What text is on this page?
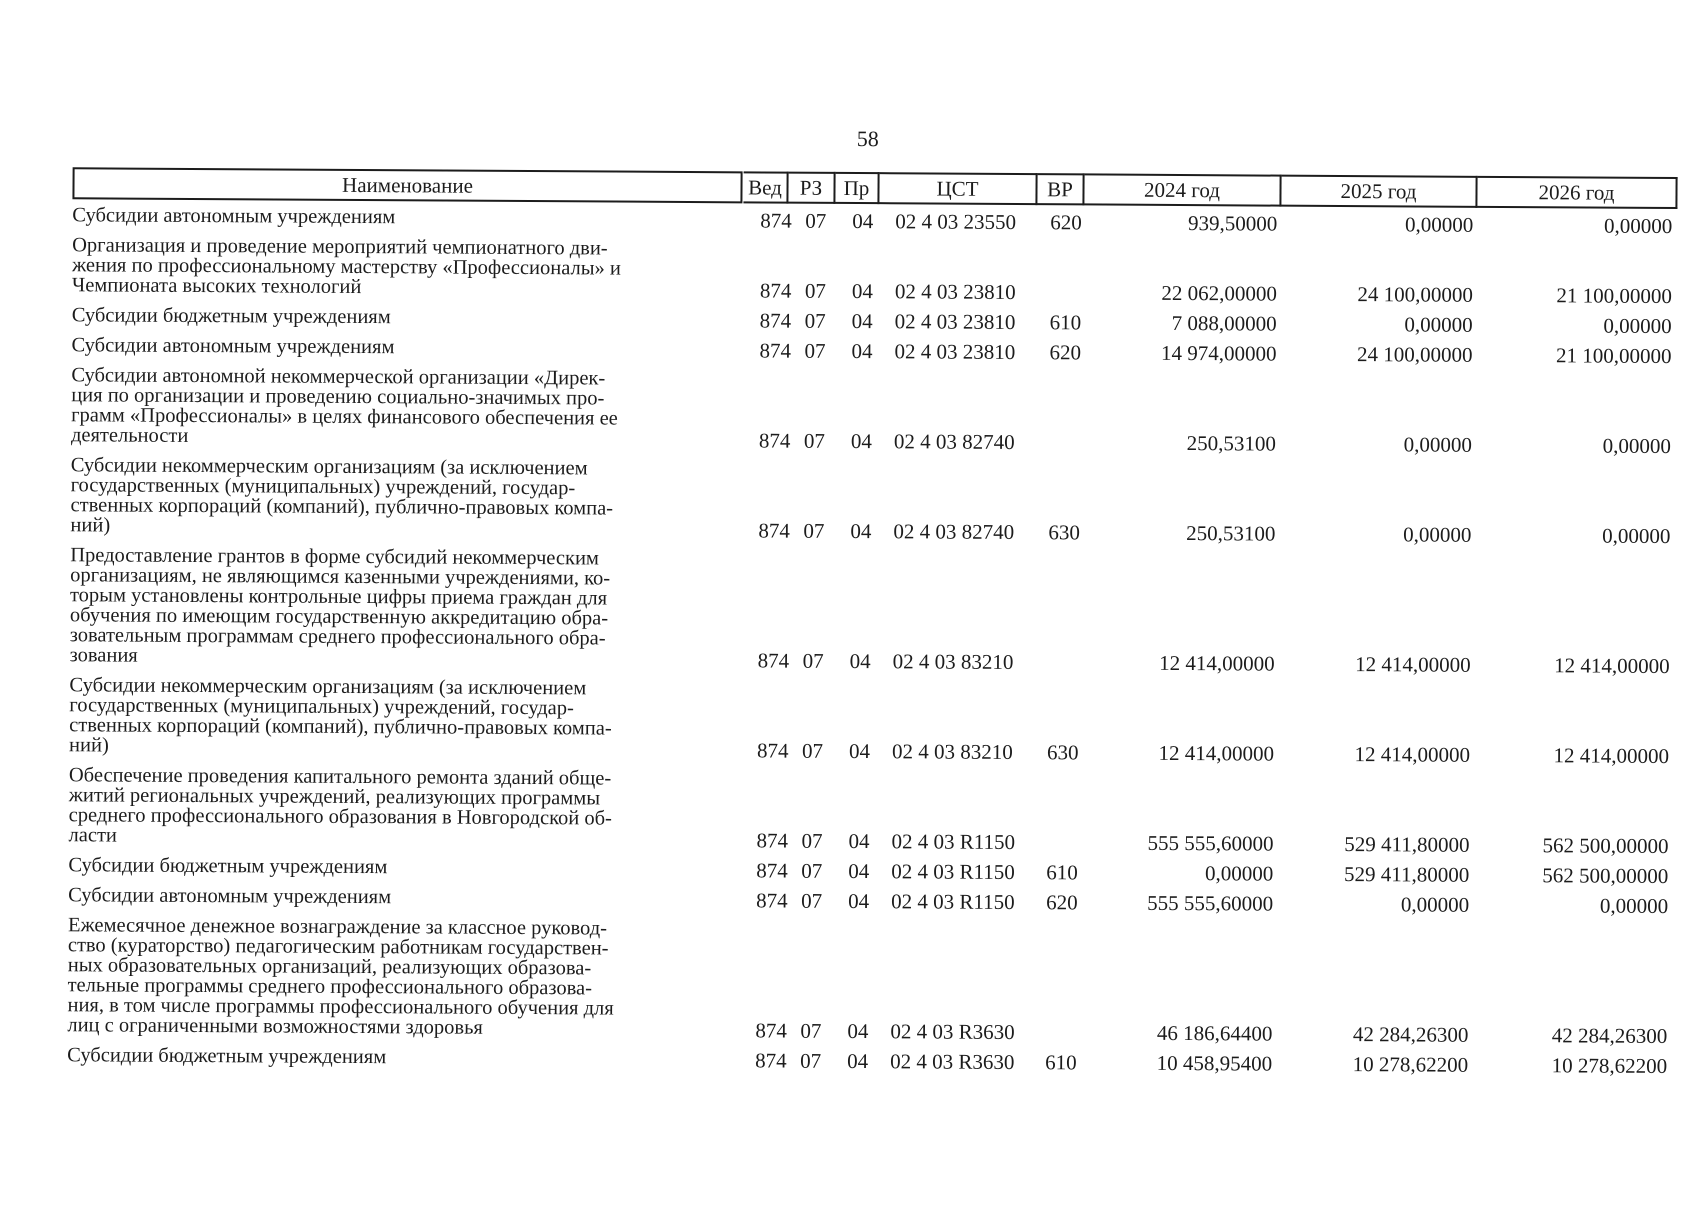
58
Наименование	Вед РЗ	Пр	ЦСТ	ВР	2024 год	2025 год	2026 год
Субсидии автономным учреждениям	874 07 04 02 4 03 23550 620	939,50000	0,00000	0,00000
Организация и проведение мероприятий чемпионатного дви-
жения по профессиональному мастерству «Профессионалы» и
Чемпионата высоких технологий	874 07 04 02 4 03 23810	22 062,00000	24 100,00000	21 100,00000
Субсидии бюджетным учреждениям	874 07 04 02 4 03 23810 610	7 088,00000	0,00000	0,00000
Субсидии автономным учреждениям	874 07 04 02 4 03 23810 620	14 974,00000	24 100,00000	21 100,00000
Субсидии автономной некоммерческой организации «Дирек-
ция по организации и проведению социально-значимых про-
грамм «Профессионалы» в целях финансового обеспечения ее
деятельности	874 07 04 02 4 03 82740	250,53100	0,00000	0,00000
Субсидии некоммерческим организациям (за исключением
государственных (муниципальных) учреждений, государ-
ственных корпораций (компаний), публично-правовых компа-
ний)	874 07 04 02 4 03 82740 630	250,53100	0,00000	0,00000
Предоставление грантов в форме субсидий некоммерческим
организациям, не являющимся казенными учреждениями, ко-
торым установлены контрольные цифры приема граждан для
обучения по имеющим государственную аккредитацию обра-
зовательным программам среднего профессионального обра-
зования	874 07 04 02 4 03 83210	12 414,00000	12 414,00000	12 414,00000
Субсидии некоммерческим организациям (за исключением
государственных (муниципальных) учреждений, государ-
ственных корпораций (компаний), публично-правовых компа-
ний)	874 07 04 02 4 03 83210 630	12 414,00000	12 414,00000	12 414,00000
Обеспечение проведения капитального ремонта зданий обще-
житий региональных учреждений, реализующих программы
среднего профессионального образования в Новгородской об-
ласти	874 07 04 02 4 03 R1150	555 555,60000	529 411,80000	562 500,00000
Субсидии бюджетным учреждениям	874 07 04 02 4 03 R1150 610	0,00000	529 411,80000	562 500,00000
Субсидии автономным учреждениям	874 07 04 02 4 03 R1150 620	555 555,60000	0,00000	0,00000
Ежемесячное денежное вознаграждение за классное руковод-
ство (кураторство) педагогическим работникам государствен-
ных образовательных организаций, реализующих образова-
тельные программы среднего профессионального образова-
ния, в том числе программы профессионального обучения для
лиц с ограниченными возможностями здоровья	874 07 04 02 4 03 R3630	46 186,64400	42 284,26300	42 284,26300
Субсидии бюджетным учреждениям	874 07 04 02 4 03 R3630 610	10 458,95400	10 278,62200	10 278,62200
